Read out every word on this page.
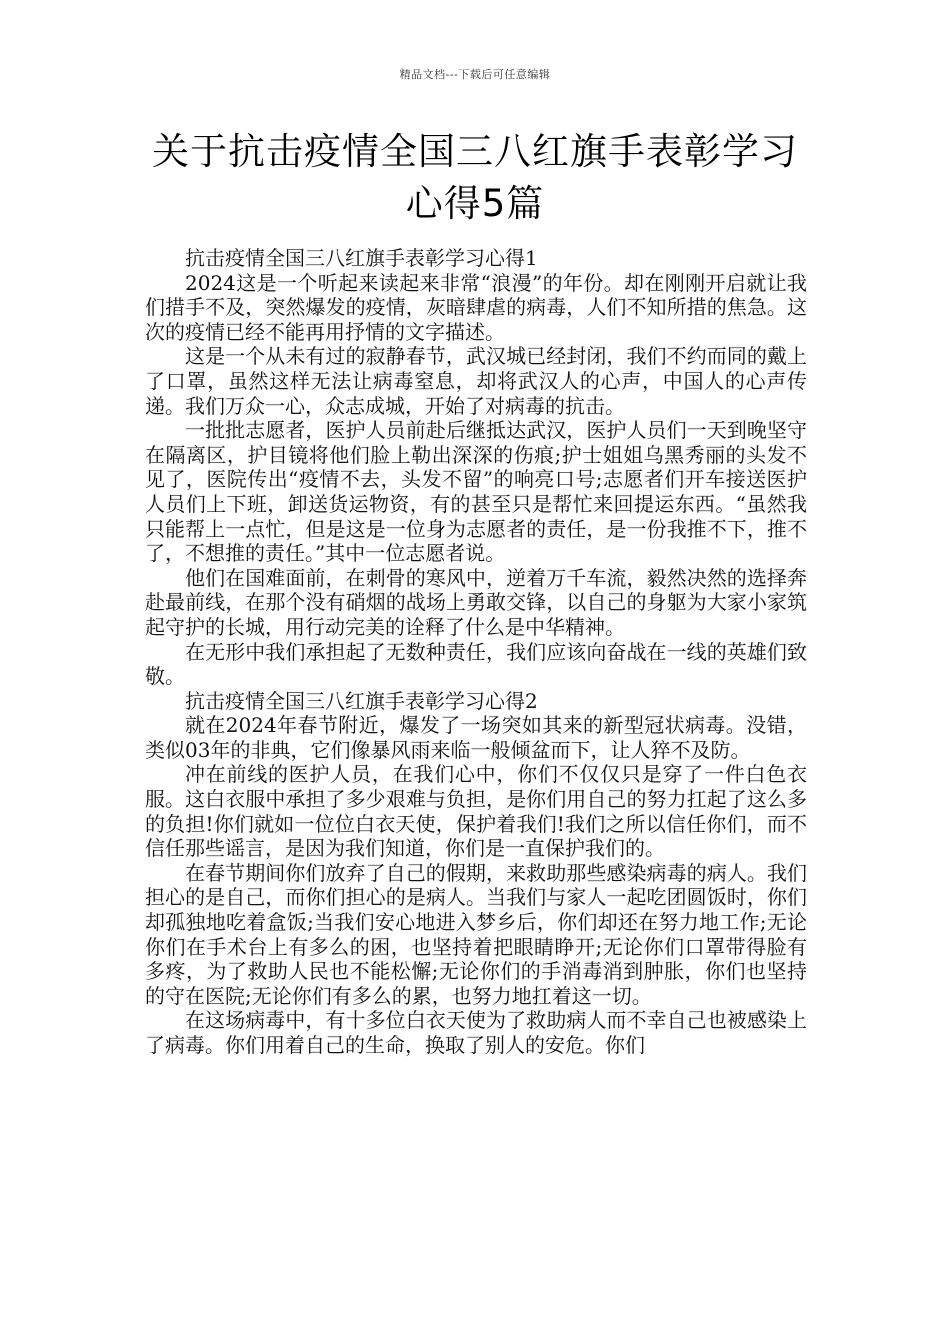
精品文档---下载后可任意编辑
关于抗击疫情全国三八红旗手表彰学习
心得5篇

抗击疫情全国三八红旗手表彰学习心得1

2024这是一个听起来读起来非常“浪漫”的年份。却在刚刚开启就让我们措手不及，突然爆发的疫情，灰暗肆虐的病毒，人们不知所措的焦急。这次的疫情已经不能再用抒情的文字描述。

这是一个从未有过的寂静春节，武汉城已经封闭，我们不约而同的戴上了口罩，虽然这样无法让病毒窒息，却将武汉人的心声，中国人的心声传递。我们万众一心，众志成城，开始了对病毒的抗击。

一批批志愿者，医护人员前赴后继抵达武汉，医护人员们一天到晚坚守在隔离区，护目镜将他们脸上勒出深深的伤痕;护士姐姐乌黑秀丽的头发不见了，医院传出“疫情不去，头发不留”的响亮口号;志愿者们开车接送医护人员们上下班，卸送货运物资，有的甚至只是帮忙来回提运东西。“虽然我只能帮上一点忙，但是这是一位身为志愿者的责任，是一份我推不下，推不了，不想推的责任。”其中一位志愿者说。

他们在国难面前，在刺骨的寒风中，逆着万千车流，毅然决然的选择奔赴最前线，在那个没有硝烟的战场上勇敢交锋，以自己的身躯为大家小家筑起守护的长城，用行动完美的诠释了什么是中华精神。

在无形中我们承担起了无数种责任，我们应该向奋战在一线的英雄们致敬。

抗击疫情全国三八红旗手表彰学习心得2

就在2024年春节附近，爆发了一场突如其来的新型冠状病毒。没错，类似03年的非典，它们像暴风雨来临一般倾盆而下，让人猝不及防。

冲在前线的医护人员，在我们心中，你们不仅仅只是穿了一件白色衣服。这白衣服中承担了多少艰难与负担，是你们用自己的努力扛起了这么多的负担!你们就如一位位白衣天使，保护着我们!我们之所以信任你们，而不信任那些谣言，是因为我们知道，你们是一直保护我们的。

在春节期间你们放弃了自己的假期，来救助那些感染病毒的病人。我们担心的是自己，而你们担心的是病人。当我们与家人一起吃团圆饭时，你们却孤独地吃着盒饭;当我们安心地进入梦乡后，你们却还在努力地工作;无论你们在手术台上有多么的困，也坚持着把眼睛睁开;无论你们口罩带得脸有多疼，为了救助人民也不能松懈;无论你们的手消毒消到肿胀，你们也坚持的守在医院;无论你们有多么的累，也努力地扛着这一切。

在这场病毒中，有十多位白衣天使为了救助病人而不幸自己也被感染上了病毒。你们用着自己的生命，换取了别人的安危。你们
